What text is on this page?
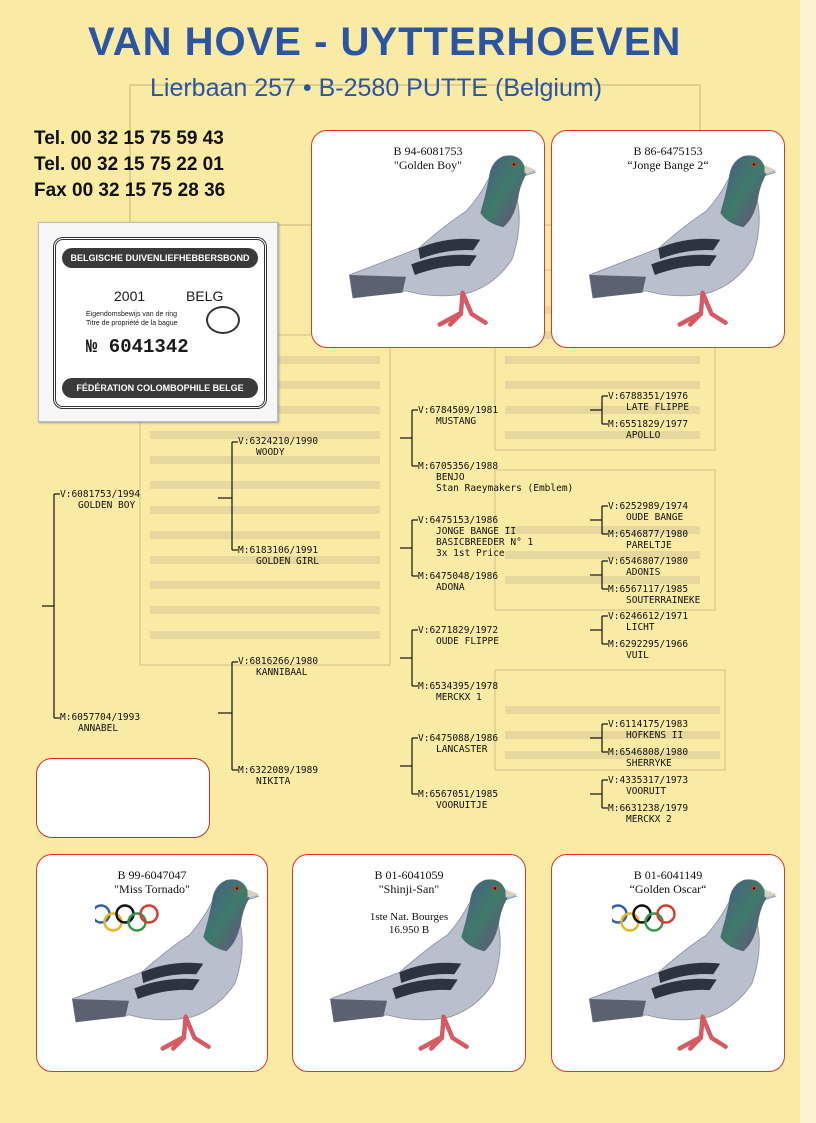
VAN HOVE - UYTTERHOEVEN
Lierbaan 257 • B-2580 PUTTE (Belgium)
Tel. 00 32 15 75 59 43
Tel. 00 32 15 75 22 01
Fax 00 32 15 75 28 36
BELGISCHE DUIVENLIEFHEBBERSBOND
2001	BELG
Eigendomsbewijs van de ring
Titre de propriété de la bague
№ 6041342
FÉDÉRATION COLOMBOPHILE BELGE
B 94-6081753
"Golden Boy"
B 86-6475153
“Jonge Bange 2“
B 99-6047047
"Miss Tornado"
B 01-6041059
"Shinji-San"
1ste Nat. Bourges
16.950 B
B 01-6041149
“Golden Oscar“
V:6081753/1994
GOLDEN BOY
M:6057704/1993
ANNABEL
V:6324210/1990
WOODY
M:6183106/1991
GOLDEN GIRL
V:6816266/1980
KANNIBAAL
M:6322089/1989
NIKITA
V:6784509/1981
MUSTANG
M:6705356/1988
BENJO
Stan Raeymakers (Emblem)
V:6475153/1986
JONGE BANGE II
BASICBREEDER N° 1
3x 1st Price
M:6475048/1986
ADONA
V:6271829/1972
OUDE FLIPPE
M:6534395/1978
MERCKX 1
V:6475088/1986
LANCASTER
M:6567051/1985
VOORUITJE
V:6788351/1976
LATE FLIPPE
M:6551829/1977
APOLLO
V:6252989/1974
OUDE BANGE
M:6546877/1980
PARELTJE
V:6546807/1980
ADONIS
M:6567117/1985
SOUTERRAINEKE
V:6246612/1971
LICHT
M:6292295/1966
VUIL
V:6114175/1983
HOFKENS II
M:6546808/1980
SHERRYKE
V:4335317/1973
VOORUIT
M:6631238/1979
MERCKX 2
